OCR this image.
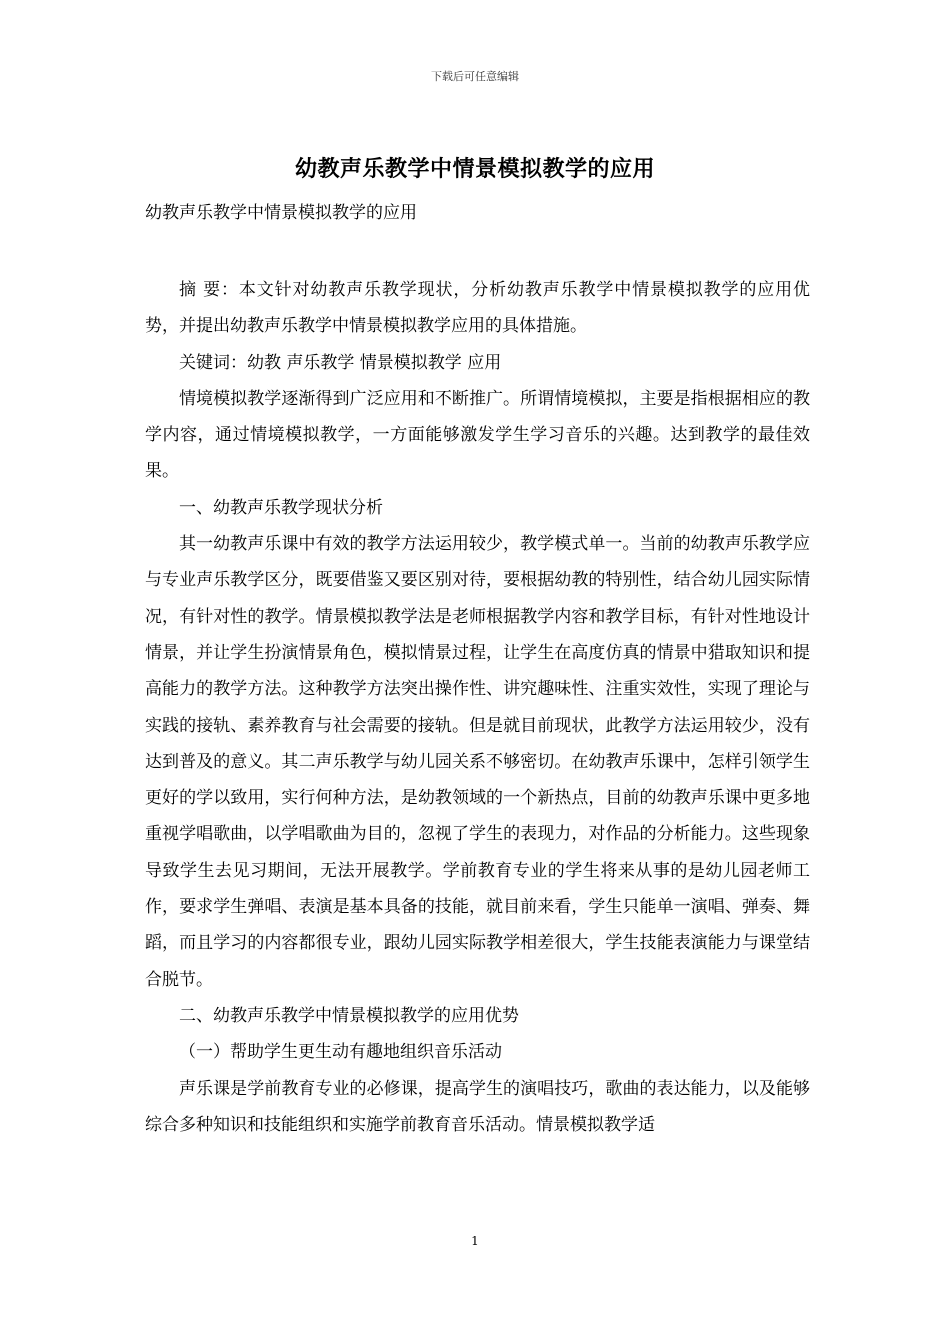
下载后可任意编辑
幼教声乐教学中情景模拟教学的应用

幼教声乐教学中情景模拟教学的应用

摘 要：本文针对幼教声乐教学现状，分析幼教声乐教学中情景模拟教学的应用优势，并提出幼教声乐教学中情景模拟教学应用的具体措施。

关键词：幼教 声乐教学 情景模拟教学 应用

情境模拟教学逐渐得到广泛应用和不断推广。所谓情境模拟，主要是指根据相应的教学内容，通过情境模拟教学，一方面能够激发学生学习音乐的兴趣。达到教学的最佳效果。

一、幼教声乐教学现状分析

其一幼教声乐课中有效的教学方法运用较少，教学模式单一。当前的幼教声乐教学应与专业声乐教学区分，既要借鉴又要区别对待，要根据幼教的特别性，结合幼儿园实际情况，有针对性的教学。情景模拟教学法是老师根据教学内容和教学目标，有针对性地设计情景，并让学生扮演情景角色，模拟情景过程，让学生在高度仿真的情景中猎取知识和提高能力的教学方法。这种教学方法突出操作性、讲究趣味性、注重实效性，实现了理论与实践的接轨、素养教育与社会需要的接轨。但是就目前现状，此教学方法运用较少，没有达到普及的意义。其二声乐教学与幼儿园关系不够密切。在幼教声乐课中，怎样引领学生更好的学以致用，实行何种方法，是幼教领域的一个新热点，目前的幼教声乐课中更多地重视学唱歌曲，以学唱歌曲为目的，忽视了学生的表现力，对作品的分析能力。这些现象导致学生去见习期间，无法开展教学。学前教育专业的学生将来从事的是幼儿园老师工作，要求学生弹唱、表演是基本具备的技能，就目前来看，学生只能单一演唱、弹奏、舞蹈，而且学习的内容都很专业，跟幼儿园实际教学相差很大，学生技能表演能力与课堂结合脱节。

二、幼教声乐教学中情景模拟教学的应用优势

（一）帮助学生更生动有趣地组织音乐活动

声乐课是学前教育专业的必修课，提高学生的演唱技巧，歌曲的表达能力，以及能够综合多种知识和技能组织和实施学前教育音乐活动。情景模拟教学适

1
